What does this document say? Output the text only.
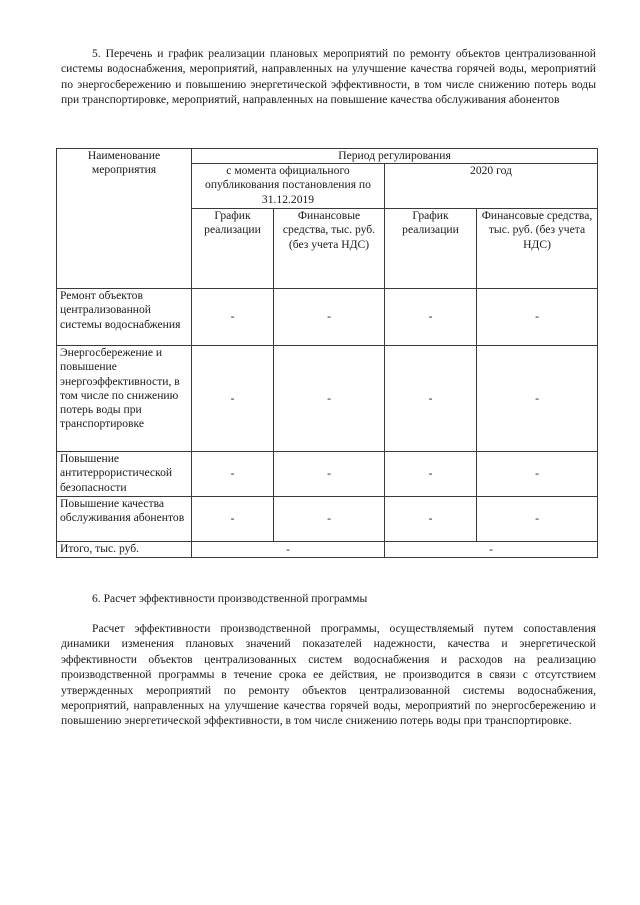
5. Перечень и график реализации плановых мероприятий по ремонту объектов централизованной системы водоснабжения, мероприятий, направленных на улучшение качества горячей воды, мероприятий по энергосбережению и повышению энергетической эффективности, в том числе снижению потерь воды при транспортировке, мероприятий, направленных на повышение качества обслуживания абонентов

Наименование мероприятия	Период регулирования			
	с момента официального опубликования постановления по 31.12.2019		2020 год	
	График реализации	Финансовые средства, тыс. руб. (без учета НДС)	График реализации	Финансовые средства, тыс. руб. (без учета НДС)
Ремонт объектов централизованной системы водоснабжения	-	-	-	-
Энергосбережение и повышение энергоэффективности, в том числе по снижению потерь воды при транспортировке	-	-	-	-
Повышение антитеррористической безопасности	-	-	-	-
Повышение качества обслуживания абонентов	-	-	-	-
Итого, тыс. руб.	-		-	

6. Расчет эффективности производственной программы

Расчет эффективности производственной программы, осуществляемый путем сопоставления динамики изменения плановых значений показателей надежности, качества и энергетической эффективности объектов централизованных систем водоснабжения и расходов на реализацию производственной программы в течение срока ее действия, не производится в связи с отсутствием утвержденных мероприятий по ремонту объектов централизованной системы водоснабжения, мероприятий, направленных на улучшение качества горячей воды, мероприятий по энергосбережению и повышению энергетической эффективности, в том числе снижению потерь воды при транспортировке.
